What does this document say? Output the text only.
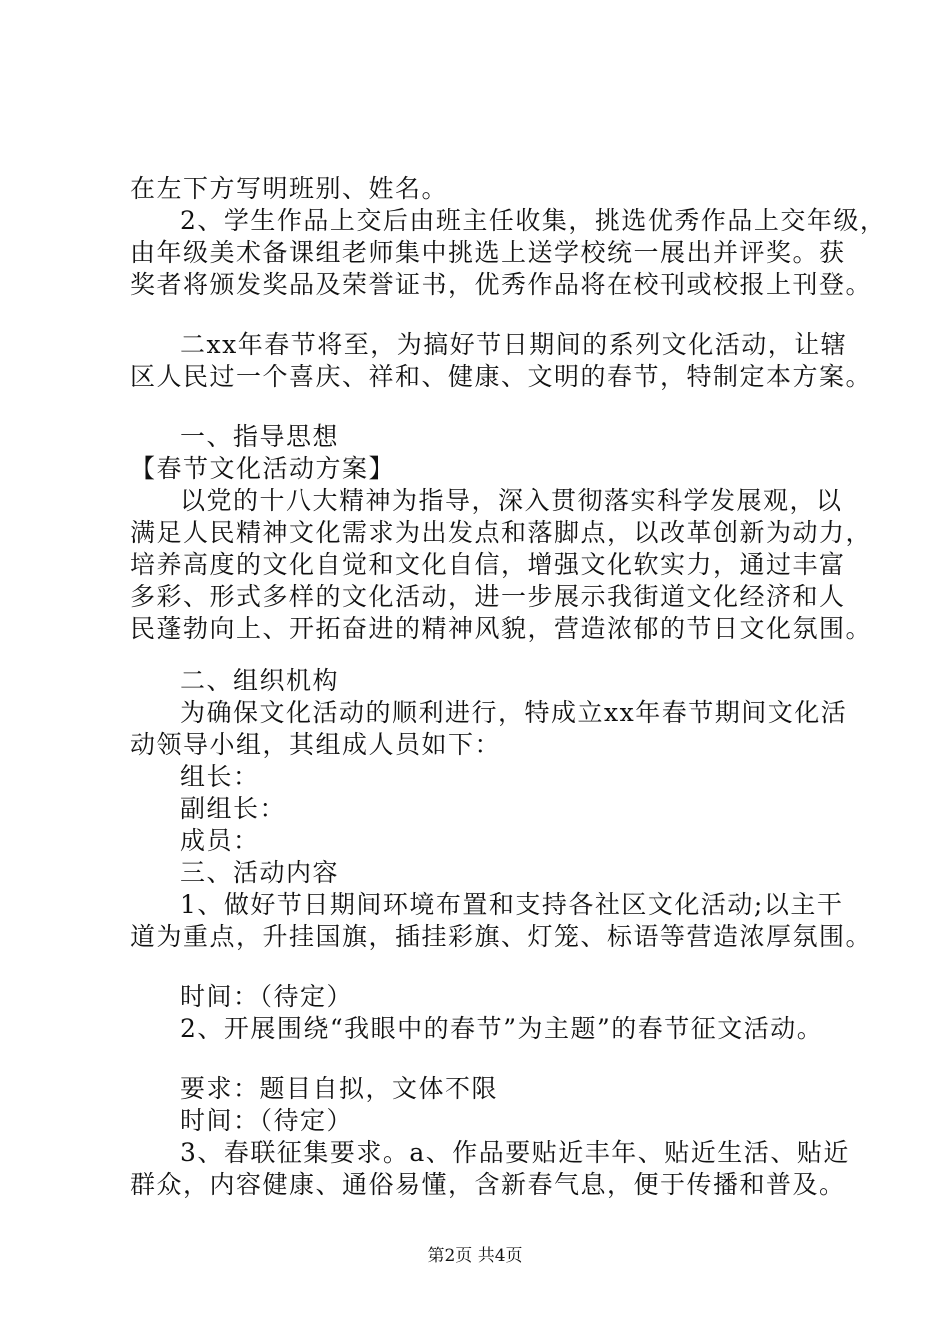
在左下方写明班别、姓名。
2、学生作品上交后由班主任收集，挑选优秀作品上交年级，
由年级美术备课组老师集中挑选上送学校统一展出并评奖。获
奖者将颁发奖品及荣誉证书，优秀作品将在校刊或校报上刊登。
二xx年春节将至，为搞好节日期间的系列文化活动，让辖
区人民过一个喜庆、祥和、健康、文明的春节，特制定本方案。
一、指导思想
【春节文化活动方案】
以党的十八大精神为指导，深入贯彻落实科学发展观，以
满足人民精神文化需求为出发点和落脚点，以改革创新为动力，
培养高度的文化自觉和文化自信，增强文化软实力，通过丰富
多彩、形式多样的文化活动，进一步展示我街道文化经济和人
民蓬勃向上、开拓奋进的精神风貌，营造浓郁的节日文化氛围。
二、组织机构
为确保文化活动的顺利进行，特成立xx年春节期间文化活
动领导小组，其组成人员如下：
组长：
副组长：
成员：
三、活动内容
1、做好节日期间环境布置和支持各社区文化活动;以主干
道为重点，升挂国旗，插挂彩旗、灯笼、标语等营造浓厚氛围。
时间：（待定）
2、开展围绕“我眼中的春节”为主题”的春节征文活动。
要求：题目自拟，文体不限
时间：（待定）
3、春联征集要求。a、作品要贴近丰年、贴近生活、贴近
群众，内容健康、通俗易懂，含新春气息，便于传播和普及。
第2页 共4页
